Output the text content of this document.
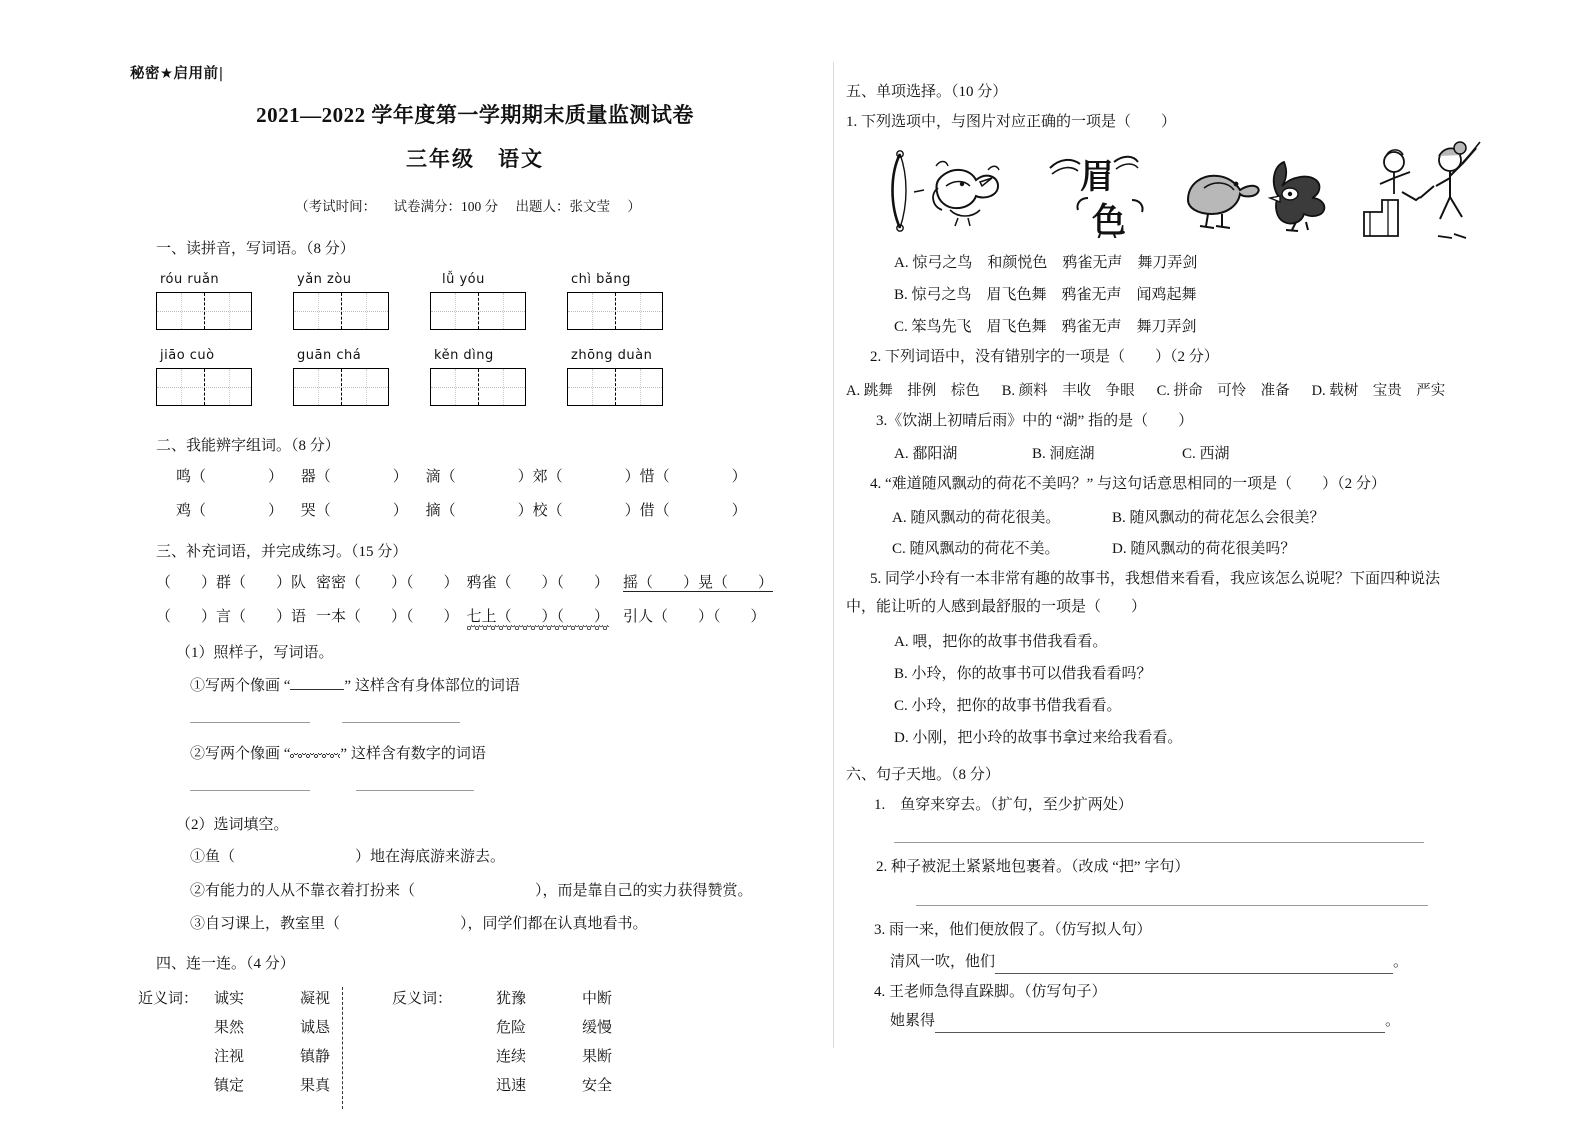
秘密★启用前|
2021—2022 学年度第一学期期末质量监测试卷
三年级　语文
（考试时间： 试卷满分：100 分 出题人：张文莹 ）
一、读拼音，写词语。（8 分）
róu ruǎn	yǎn zòu	lǚ yóu	chì bǎng
jiāo cuò	guān chá	kěn dìng	zhōng duàn
二、我能辨字组词。（8 分）
鸣（	） 器（	） 滴（	）郊（	）惜（	）
鸡（	） 哭（	） 摘（	）校（	）借（	）
三、补充词语，并完成练习。（15 分）
（　　）群（　　）队 密密（　　）（　　） 鸦雀（　　）（　　） 摇（　　）晃（　　）
（　　）言（　　）语 一本（　　）（　　） 七上（　　）（　　） 引人（　　）（　　）
（1）照样子，写词语。
①写两个像画 “	” 这样含有身体部位的词语

②写两个像画 “	” 这样含有数字的词语

（2）选词填空。
①鱼（　　　　　　　　）地在海底游来游去。
②有能力的人从不靠衣着打扮来（　　　　　　　　），而是靠自己的实力获得赞赏。
③自习课上，教室里（　　　　　　　　），同学们都在认真地看书。
四、连一连。（4 分）
近义词：	诚实	凝视	反义词：	犹豫	中断
果然	诚恳	危险	缓慢
注视	镇静	连续	果断
镇定	果真	迅速	安全
五、单项选择。（10 分）
1. 下列选项中，与图片对应正确的一项是（　　）
眉
色
A. 惊弓之鸟　和颜悦色　鸦雀无声　舞刀弄剑
B. 惊弓之鸟　眉飞色舞　鸦雀无声　闻鸡起舞
C. 笨鸟先飞　眉飞色舞　鸦雀无声　舞刀弄剑
2. 下列词语中，没有错别字的一项是（　　）（2 分）
A. 跳舞　排例　棕色 B. 颜料　丰收　争眼 C. 拼命　可怜　准备 D. 载树　宝贵　严实
3.《饮湖上初晴后雨》中的 “湖” 指的是（　　）
A. 鄱阳湖	B. 洞庭湖	C. 西湖
4. “难道随风飘动的荷花不美吗？” 与这句话意思相同的一项是（　　）（2 分）
A. 随风飘动的荷花很美。	B. 随风飘动的荷花怎么会很美？
C. 随风飘动的荷花不美。	D. 随风飘动的荷花很美吗？
5. 同学小玲有一本非常有趣的故事书，我想借来看看，我应该怎么说呢？下面四种说法
中，能让听的人感到最舒服的一项是（　　）
A. 喂，把你的故事书借我看看。
B. 小玲，你的故事书可以借我看看吗？
C. 小玲，把你的故事书借我看看。
D. 小刚，把小玲的故事书拿过来给我看看。
六、句子天地。（8 分）
1.　鱼穿来穿去。（扩句，至少扩两处）
2. 种子被泥土紧紧地包裹着。（改成 “把” 字句）
3. 雨一来，他们便放假了。（仿写拟人句）
清风一吹，他们	。
4. 王老师急得直跺脚。（仿写句子）
她累得	。
